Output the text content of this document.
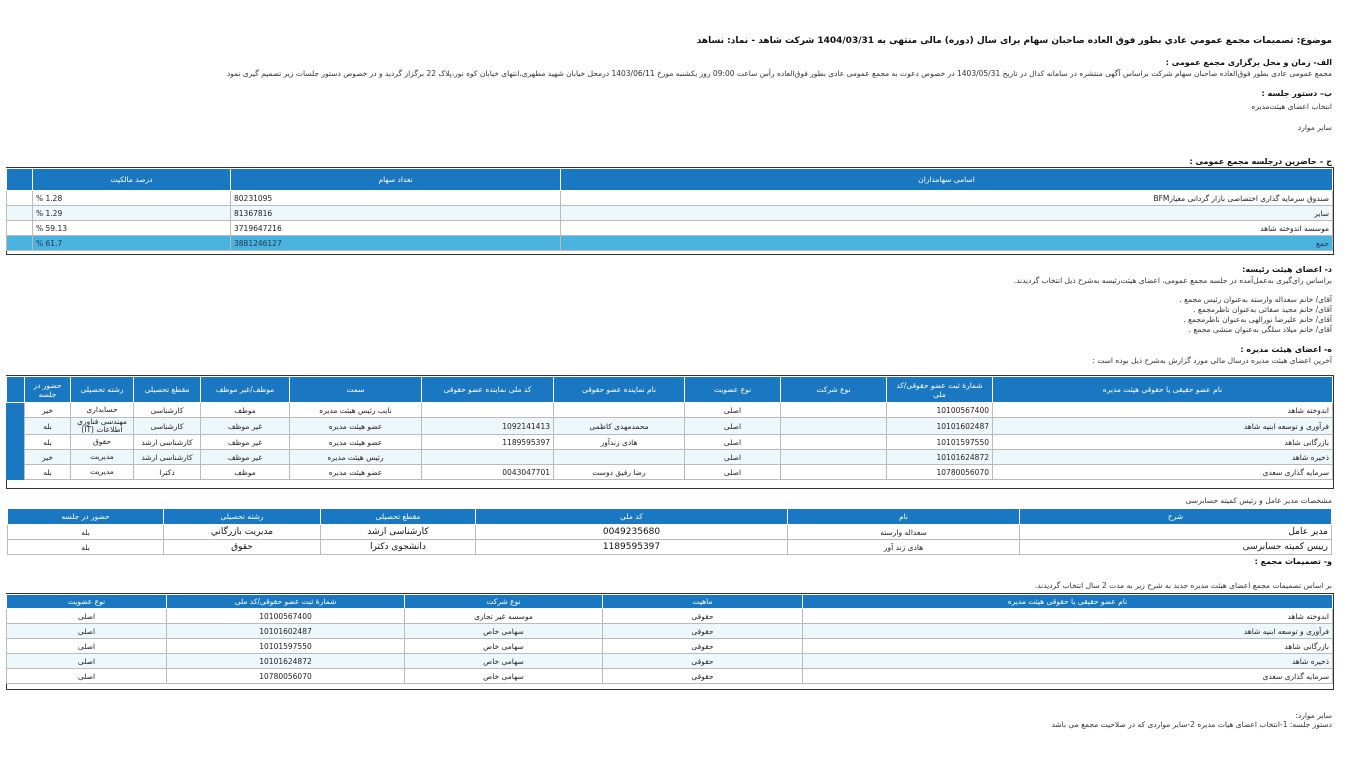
موضوع: تصمیمات مجمع عمومي عادي بطور فوق العاده صاحبان سهام برای سال (دوره) مالی منتهی به 1404/03/31 شرکت شاهد - نماد: نساهد
الف- زمان و محل برگزاری مجمع عمومی :
مجمع عمومی عادی بطور فوق‌العاده صاحبان سهام شرکت براساس آگهی منتشره در سامانه کدال در تاریخ 1403/05/31 در خصوص دعوت به مجمع عمومی عادی بطور فوق‌العاده رأس ساعت 09:00 روز یکشنبه مورخ 1403/06/11 درمحل خیابان شهید مطهری،انتهای خیابان کوه نور،پلاک 22 برگزار گردید و در خصوص دستور جلسات زیر تصمیم گیری نمود
ب– دستور جلسه :
انتخاب اعضای هیئت‌مدیره
سایر موارد
ج – حاضرین درجلسه مجمع عمومی :
اسامی سهامداران	تعداد سهام	درصد مالکیت	
صندوق سرمایه گذاری اختصاصی بازار گردانی معیارBFM	80231095	1.28 %	
سایر	81367816	1.29 %	
موسسه اندوخته شاهد	3719647216	59.13 %	
جمع	3881246127	61.7 %	
د- اعضای هیئت رئیسه:
براساس رای‌گیری به‌عمل‌آمده در جلسه مجمع عمومی، اعضای هیئت‌رئیسه به‌شرح ذیل انتخاب گردیدند.
آقای/ خانم سعداله وارسته به‌عنوان رئیس مجمع .
آقای/ خانم مجید صفائی به‌عنوان ناظرمجمع .
آقای/ خانم علیرضا نورالهی به‌عنوان ناظرمجمع .
آقای/ خانم میلاد سلگی به‌عنوان منشی مجمع .
ه- اعضای هیئت مدیره :
آخرین اعضای هیئت مدیره درسال مالی مورد گزارش به‌شرح ذیل بوده است :
نام عضو حقیقی یا حقوقی هیئت مدیره	شمارهٔ ثبت عضو حقوقی/کد ملی	نوع شرکت	نوع عضویت	نام نماینده عضو حقوقی	کد ملی نماینده عضو حقوقی	سمت	موظف/غیر موظف	مقطع تحصیلی	رشته تحصیلی	حضور در جلسه	
اندوخته شاهد	10100567400		اصلی			نایب رئیس هیئت مدیره	موظف	کارشناسی	حسابداری	خیر	
فرآوری و توسعه ابنیه شاهد	10101602487		اصلی	محمدمهدی کاظمی	1092141413	عضو هیئت مدیره	غیر موظف	کارشناسی	مهندسی فناوری اطلاعات (IT)	بله	
بازرگانی شاهد	10101597550		اصلی	هادی زندآور	1189595397	عضو هیئت مدیره	غیر موظف	کارشناسی ارشد	حقوق	بله	
ذخیره شاهد	10101624872		اصلی			رئیس هیئت مدیره	غیر موظف	کارشناسی ارشد	مدیریت	خیر	
سرمایه گذاری سعدی	10780056070		اصلی	رضا رفیق دوست	0043047701	عضو هیئت مدیره	موظف	دکترا	مدیریت	بله	
مشخصات مدیر عامل و رئیس کمیته حسابرسی
شرح	نام	کد ملی	مقطع تحصیلی	رشته تحصیلی	حضور در جلسه
مدیر عامل	سعداله وارسته	0049235680	کارشناسی ارشد	مدیریت بازرگاني	بله
رييس کميته حسابرسی	هادی زند آور	1189595397	دانشجوی دکترا	حقوق	بله
و- تصمیمات مجمع :
بر اساس تصمیمات مجمع اعضای هیئت مدیره جدید به شرح زیر به مدت 2 سال انتخاب گردیدند.
نام عضو حقیقی یا حقوقی هیئت مدیره	ماهیت	نوع شرکت	شمارهٔ ثبت عضو حقوقی/کد ملی	نوع عضویت
اندوخته شاهد	حقوقی	موسسه غیر تجاری	10100567400	اصلی
فرآوری و توسعه ابنیه شاهد	حقوقی	سهامی خاص	10101602487	اصلی
بازرگانی شاهد	حقوقی	سهامی خاص	10101597550	اصلی
ذخیره شاهد	حقوقی	سهامی خاص	10101624872	اصلی
سرمایه گذاری سعدی	حقوقی	سهامی خاص	10780056070	اصلی
سایر موارد:
دستور جلسه: 1-انتخاب اعضای هیات مدیره 2-سایر مواردی که در صلاحیت مجمع می باشد
